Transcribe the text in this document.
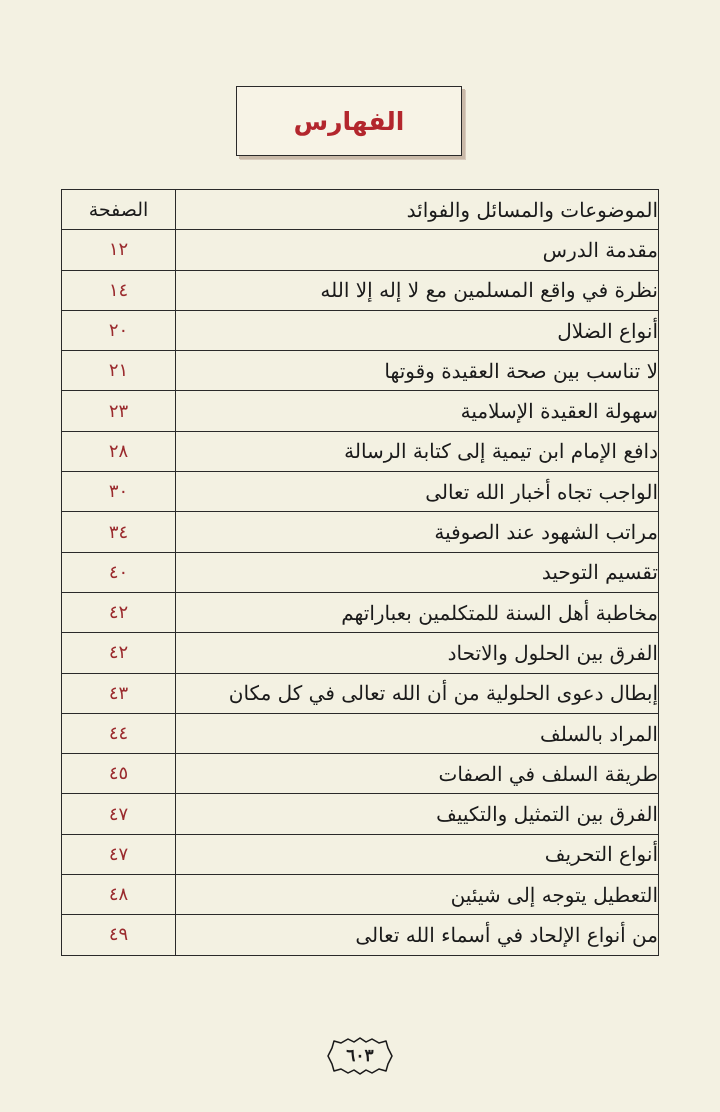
الفهارس
الموضوعات والمسائل والفوائد	الصفحة
مقدمة الدرس	١٢
نظرة في واقع المسلمين مع لا إله إلا الله	١٤
أنواع الضلال	٢٠
لا تناسب بين صحة العقيدة وقوتها	٢١
سهولة العقيدة الإسلامية	٢٣
دافع الإمام ابن تيمية إلى كتابة الرسالة	٢٨
الواجب تجاه أخبار الله تعالى	٣٠
مراتب الشهود عند الصوفية	٣٤
تقسيم التوحيد	٤٠
مخاطبة أهل السنة للمتكلمين بعباراتهم	٤٢
الفرق بين الحلول والاتحاد	٤٢
إبطال دعوى الحلولية من أن الله تعالى في كل مكان	٤٣
المراد بالسلف	٤٤
طريقة السلف في الصفات	٤٥
الفرق بين التمثيل والتكييف	٤٧
أنواع التحريف	٤٧
التعطيل يتوجه إلى شيئين	٤٨
من أنواع الإلحاد في أسماء الله تعالى	٤٩
٦٠٣
